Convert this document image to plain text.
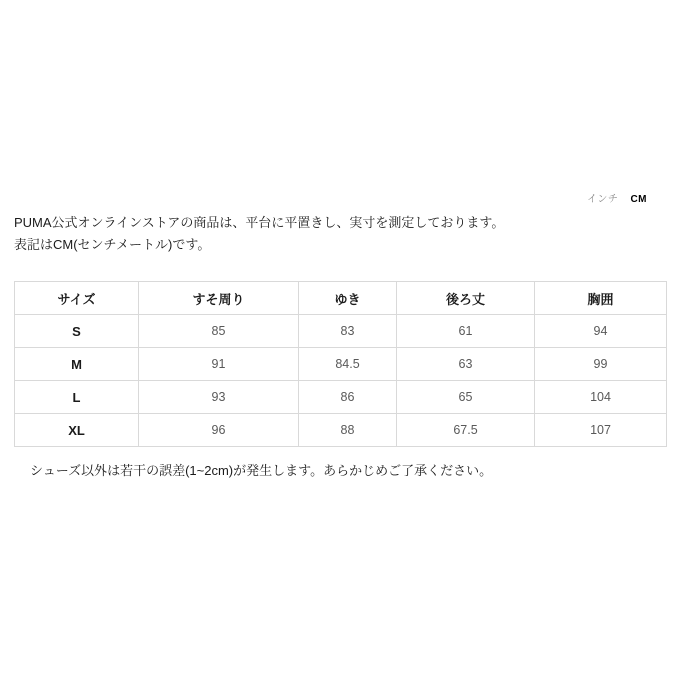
インチ CM

PUMA公式オンラインストアの商品は、平台に平置きし、実寸を測定しております。

表記はCM(センチメートル)です。

サイズ	すそ周り	ゆき	後ろ丈	胸囲
S	85	83	61	94
M	91	84.5	63	99
L	93	86	65	104
XL	96	88	67.5	107

シューズ以外は若干の誤差(1~2cm)が発生します。あらかじめご了承ください。
